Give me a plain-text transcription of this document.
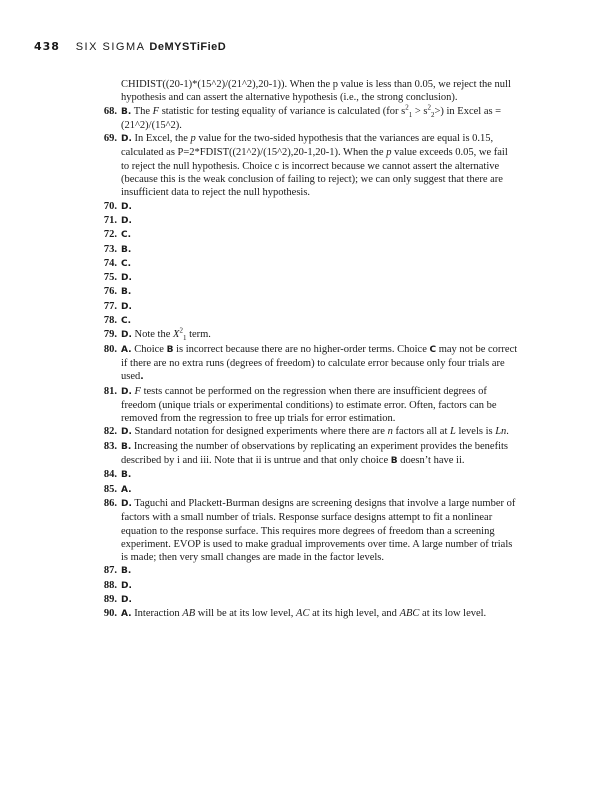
438 SIX SIGMA DeMYSTiFieD
CHIDIST((20-1)*(15^2)/(21^2),20-1)). When the p value is less than 0.05, we reject the null hypothesis and can assert the alternative hypothesis (i.e., the strong conclusion).
68. B. The F statistic for testing equality of variance is calculated (for $s^2_1 > s^2_2>$) in Excel as =(21^2)/(15^2).
69. D. In Excel, the p value for the two-sided hypothesis that the variances are equal is 0.15, calculated as P=2*FDIST((21^2)/(15^2),20-1,20-1). When the p value exceeds 0.05, we fail to reject the null hypothesis. Choice c is incorrect because we cannot assert the alternative (because this is the weak conclusion of failing to reject); we can only suggest that there are insufficient data to reject the null hypothesis.
70. D.
71. D.
72. C.
73. B.
74. C.
75. D.
76. B.
77. D.
78. C.
79. D. Note the $X^2_1$ term.
80. A. Choice B is incorrect because there are no higher-order terms. Choice C may not be correct if there are no extra runs (degrees of freedom) to calculate error because only four trials are used.
81. D. F tests cannot be performed on the regression when there are insufficient degrees of freedom (unique trials or experimental conditions) to estimate error. Often, factors can be removed from the regression to free up trials for error estimation.
82. D. Standard notation for designed experiments where there are n factors all at L levels is Ln.
83. B. Increasing the number of observations by replicating an experiment provides the benefits described by i and iii. Note that ii is untrue and that only choice B doesn’t have ii.
84. B.
85. A.
86. D. Taguchi and Plackett-Burman designs are screening designs that involve a large number of factors with a small number of trials. Response surface designs attempt to fit a nonlinear equation to the response surface. This requires more degrees of freedom than a screening experiment. EVOP is used to make gradual improvements over time. A large number of trials is made; then very small changes are made in the factor levels.
87. B.
88. D.
89. D.
90. A. Interaction AB will be at its low level, AC at its high level, and ABC at its low level.
